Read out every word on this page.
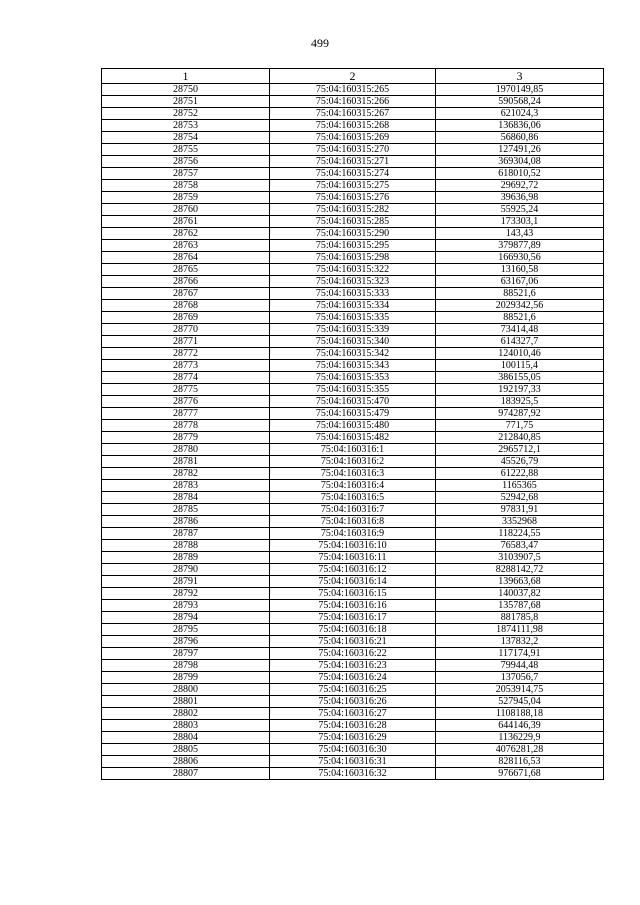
499
1	2	3
28750	75:04:160315:265	1970149,85
28751	75:04:160315:266	590568,24
28752	75:04:160315:267	621024,3
28753	75:04:160315:268	136836,06
28754	75:04:160315:269	56860,86
28755	75:04:160315:270	127491,26
28756	75:04:160315:271	369304,08
28757	75:04:160315:274	618010,52
28758	75:04:160315:275	29692,72
28759	75:04:160315:276	39636,98
28760	75:04:160315:282	55925,24
28761	75:04:160315:285	173303,1
28762	75:04:160315:290	143,43
28763	75:04:160315:295	379877,89
28764	75:04:160315:298	166930,56
28765	75:04:160315:322	13160,58
28766	75:04:160315:323	63167,06
28767	75:04:160315:333	88521,6
28768	75:04:160315:334	2029342,56
28769	75:04:160315:335	88521,6
28770	75:04:160315:339	73414,48
28771	75:04:160315:340	614327,7
28772	75:04:160315:342	124010,46
28773	75:04:160315:343	100115,4
28774	75:04:160315:353	386155,05
28775	75:04:160315:355	192197,33
28776	75:04:160315:470	183925,5
28777	75:04:160315:479	974287,92
28778	75:04:160315:480	771,75
28779	75:04:160315:482	212840,85
28780	75:04:160316:1	2965712,1
28781	75:04:160316:2	45526,79
28782	75:04:160316:3	61222,88
28783	75:04:160316:4	1165365
28784	75:04:160316:5	52942,68
28785	75:04:160316:7	97831,91
28786	75:04:160316:8	3352968
28787	75:04:160316:9	118224,55
28788	75:04:160316:10	76583,47
28789	75:04:160316:11	3103907,5
28790	75:04:160316:12	8288142,72
28791	75:04:160316:14	139663,68
28792	75:04:160316:15	140037,82
28793	75:04:160316:16	135787,68
28794	75:04:160316:17	881785,8
28795	75:04:160316:18	1874111,98
28796	75:04:160316:21	137832,2
28797	75:04:160316:22	117174,91
28798	75:04:160316:23	79944,48
28799	75:04:160316:24	137056,7
28800	75:04:160316:25	2053914,75
28801	75:04:160316:26	527945,04
28802	75:04:160316:27	1108188,18
28803	75:04:160316:28	644146,39
28804	75:04:160316:29	1136229,9
28805	75:04:160316:30	4076281,28
28806	75:04:160316:31	828116,53
28807	75:04:160316:32	976671,68
